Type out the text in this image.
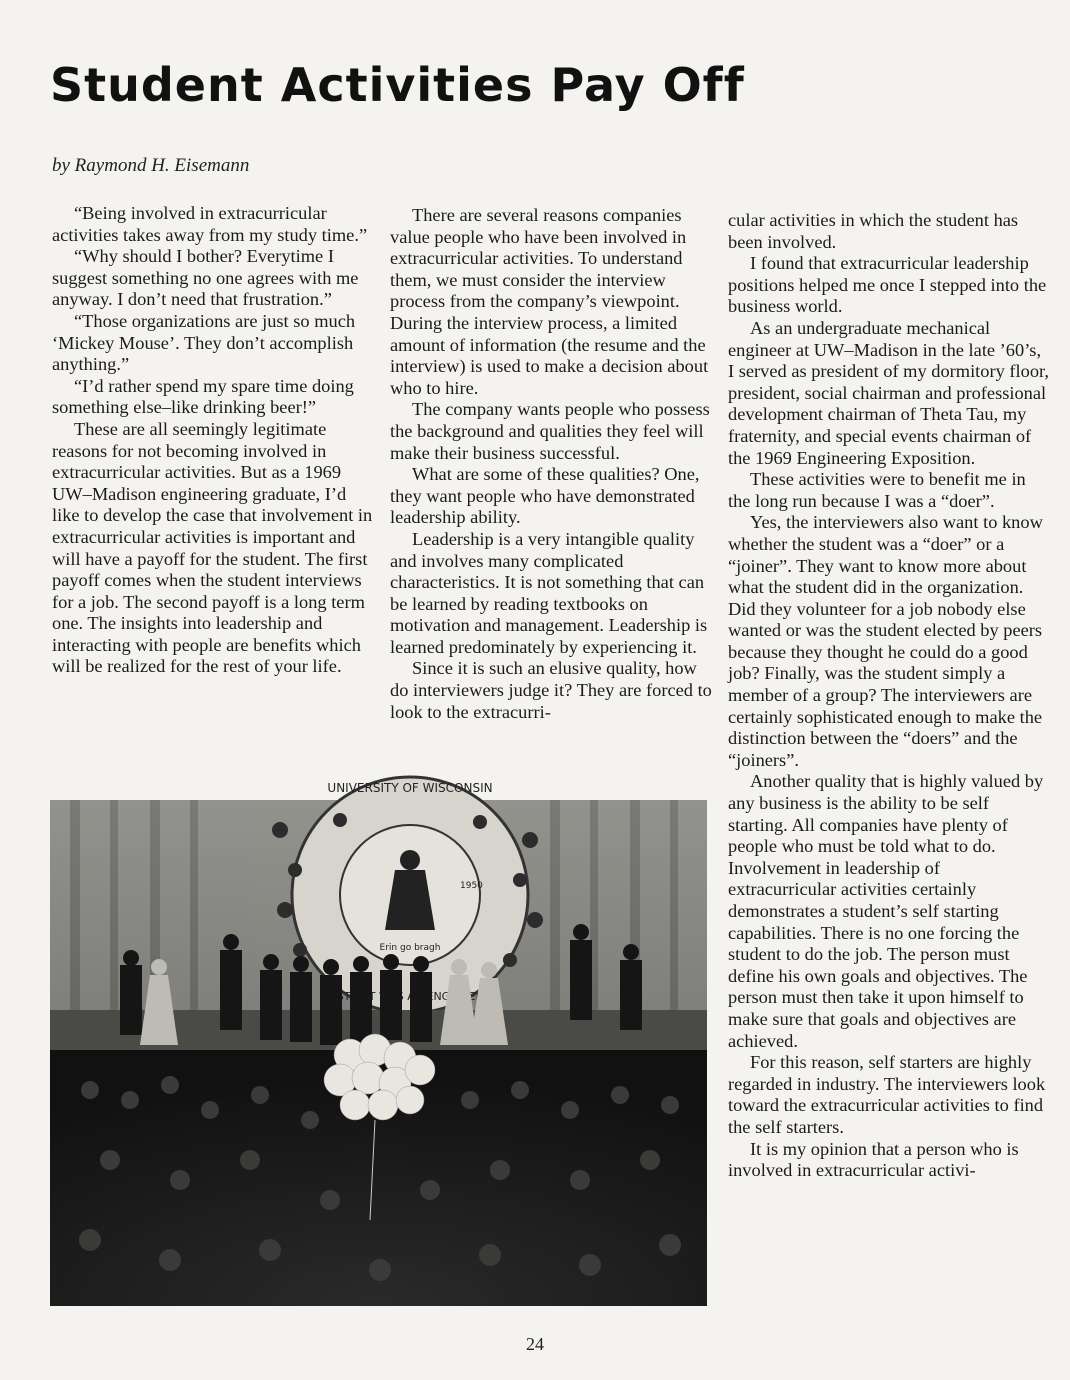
Student Activities Pay Off
by Raymond H. Eisemann

“Being involved in extracurricular activities takes away from my study time.”

“Why should I bother? Everytime I suggest something no one agrees with me anyway. I don’t need that frustration.”

“Those organizations are just so much ‘Mickey Mouse’. They don’t accomplish anything.”

“I’d rather spend my spare time doing something else–like drinking beer!”

These are all seemingly legitimate reasons for not becoming involved in extracurricular activities. But as a 1969 UW–Madison engineering graduate, I’d like to develop the case that involvement in extracurricular activities is important and will have a payoff for the student. The first payoff comes when the student interviews for a job. The second payoff is a long term one. The insights into leadership and interacting with people are benefits which will be realized for the rest of your life.

There are several reasons companies value people who have been involved in extracurricular activities. To understand them, we must consider the interview process from the company’s viewpoint. During the interview process, a limited amount of information (the resume and the interview) is used to make a decision about who to hire.

The company wants people who possess the background and qualities they feel will make their business successful.

What are some of these qualities? One, they want people who have demonstrated leadership ability.

Leadership is a very intangible quality and involves many complicated characteristics. It is not something that can be learned by reading textbooks on motivation and management. Leadership is learned predominately by experiencing it.

Since it is such an elusive quality, how do interviewers judge it? They are forced to look to the extracurri-

cular activities in which the student has been involved.

I found that extracurricular leadership positions helped me once I stepped into the business world.

As an undergraduate mechanical engineer at UW–Madison in the late ’60’s, I served as president of my dormitory floor, president, social chairman and professional development chairman of Theta Tau, my fraternity, and special events chairman of the 1969 Engineering Exposition.

These activities were to benefit me in the long run because I was a “doer”.

Yes, the interviewers also want to know whether the student was a “doer” or a “joiner”. They want to know more about what the student did in the organization. Did they volunteer for a job nobody else wanted or was the student elected by peers because they thought he could do a good job? Finally, was the student simply a member of a group? The interviewers are certainly sophisticated enough to make the distinction between the “doers” and the “joiners”.

Another quality that is highly valued by any business is the ability to be self starting. All companies have plenty of people who must be told what to do. Involvement in leadership of extracurricular activities certainly demonstrates a student’s self starting capabilities. There is no one forcing the student to do the job. The person must define his own goals and objectives. The person must then take it upon himself to make sure that goals and objectives are achieved.

For this reason, self starters are highly regarded in industry. The interviewers look toward the extracurricular activities to find the self starters.

It is my opinion that a person who is involved in extracurricular activi-

Erin go bragh
1950
UNIVERSITY OF WISCONSIN
ST.
24
